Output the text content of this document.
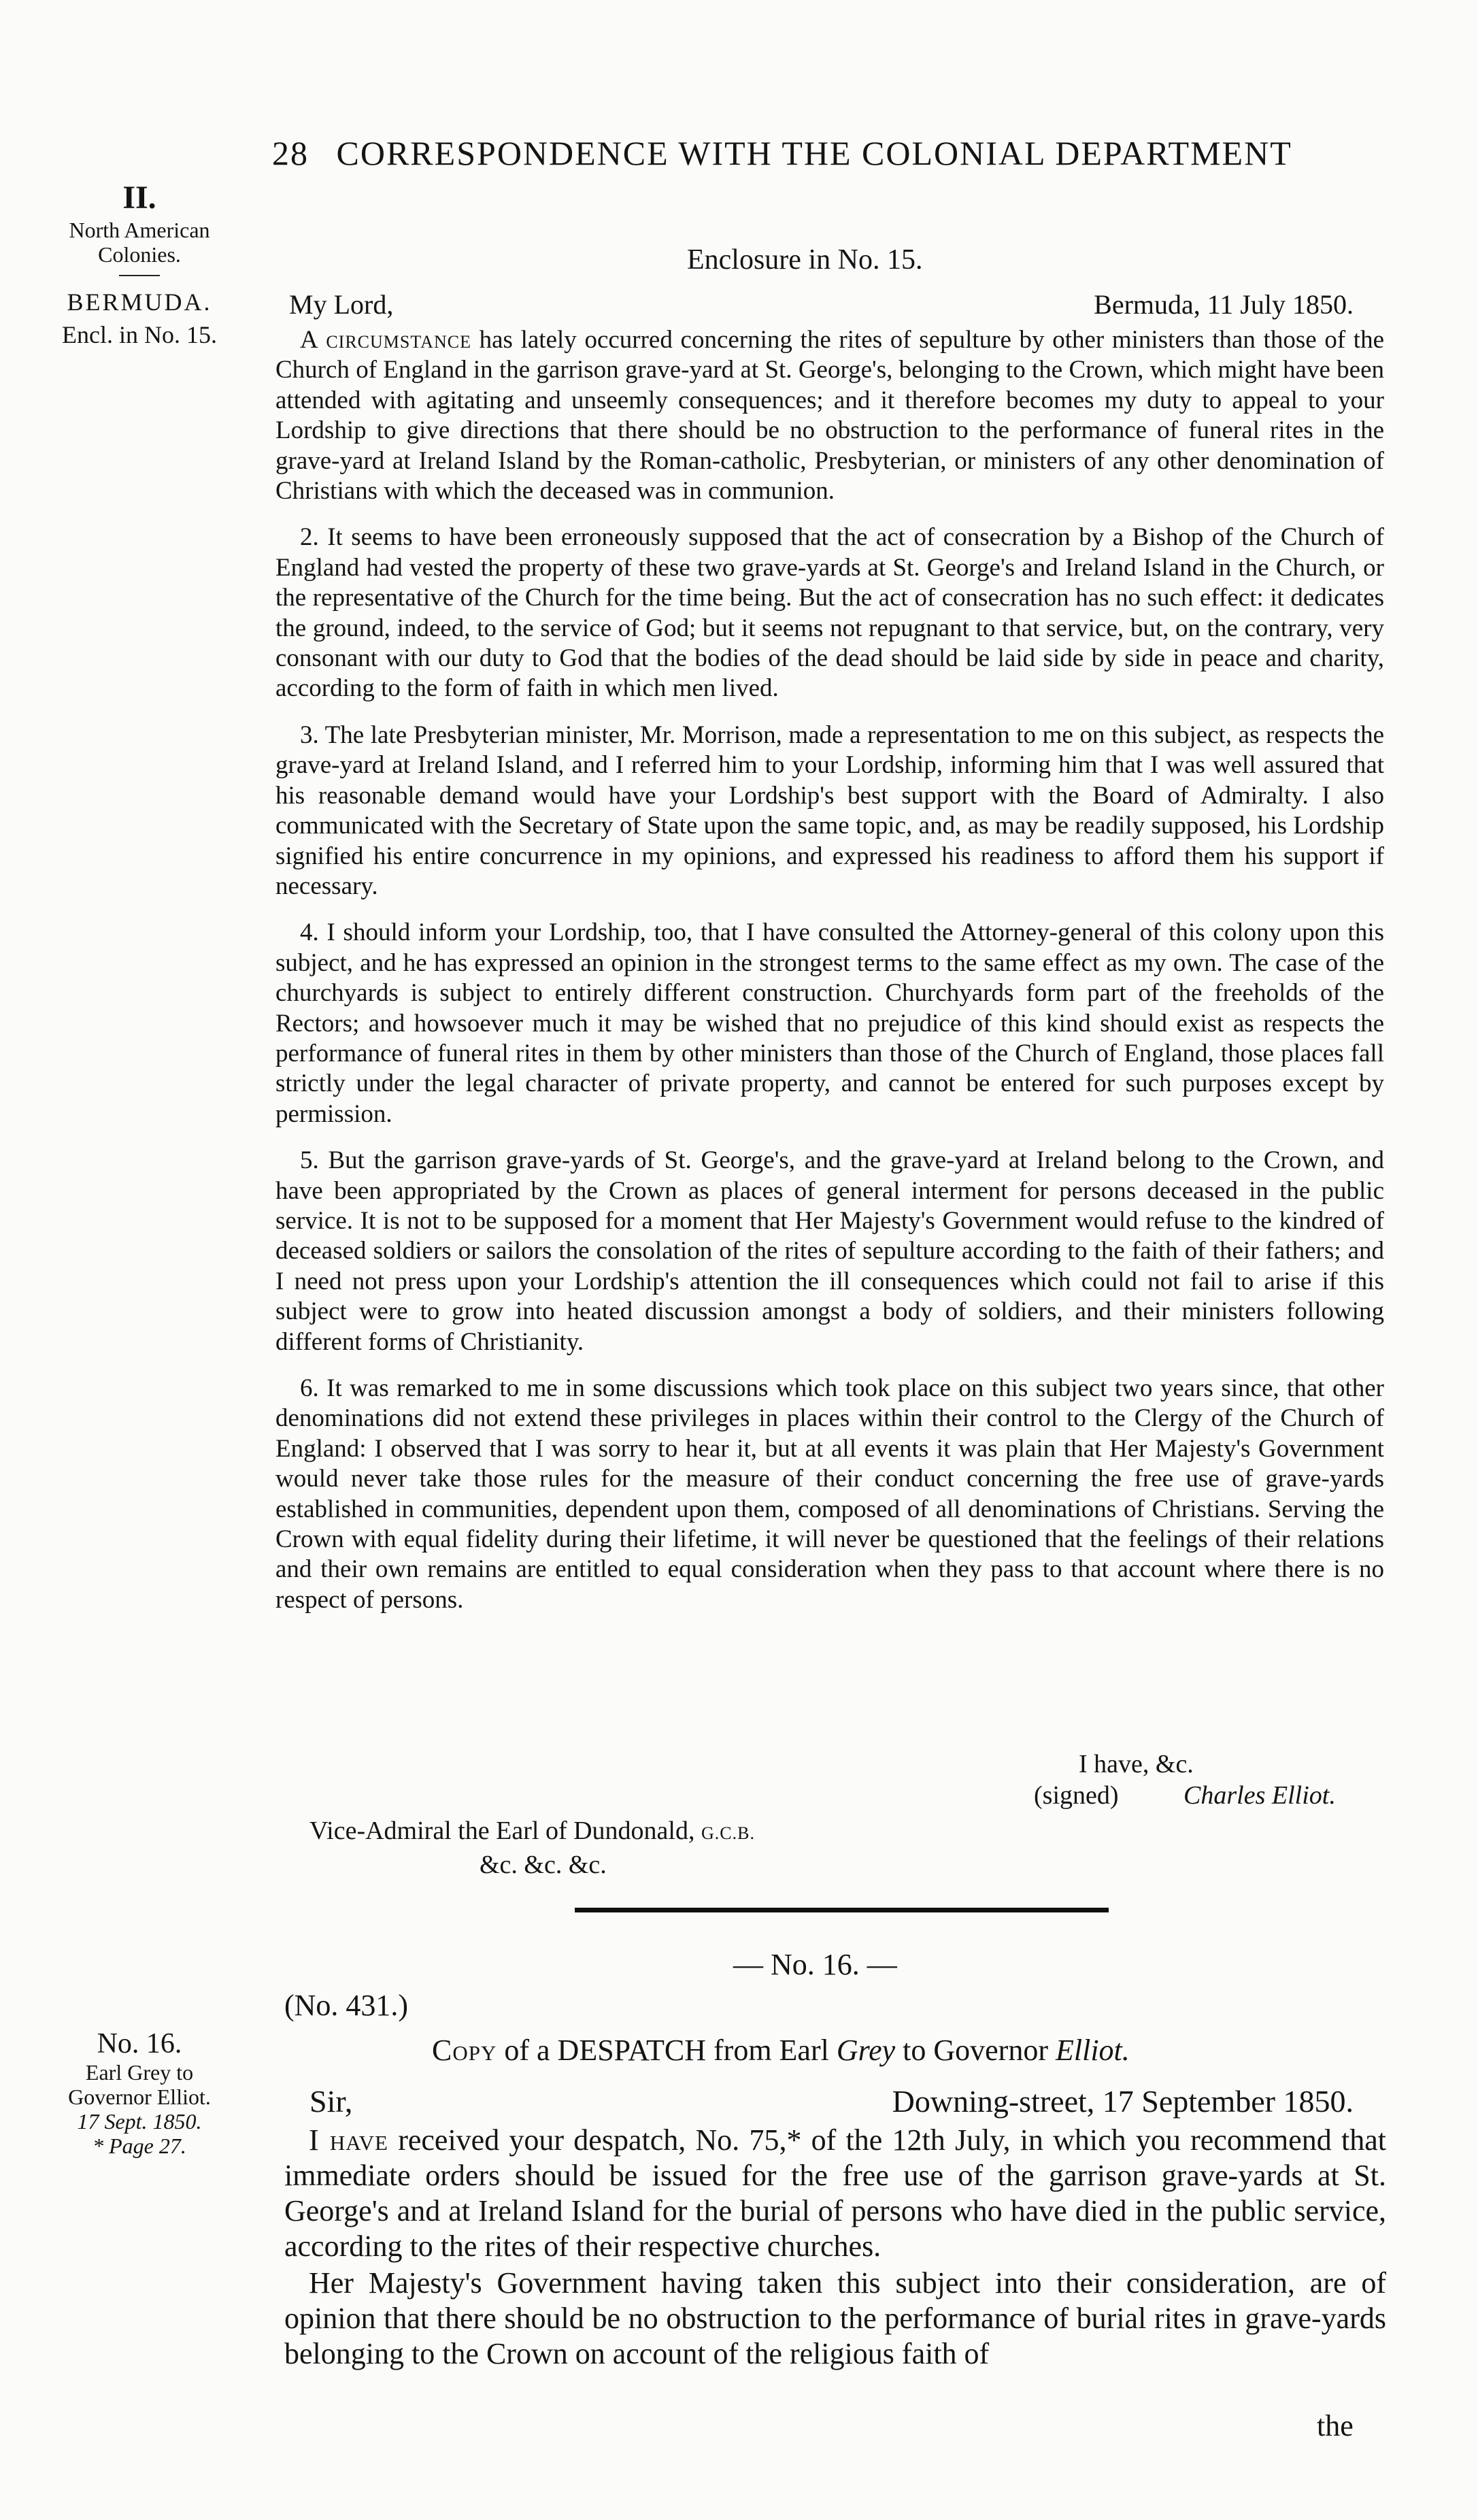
28 CORRESPONDENCE WITH THE COLONIAL DEPARTMENT
II.
North American
Colonies.
BERMUDA.
Encl. in No. 15.
Enclosure in No. 15.
My Lord,	Bermuda, 11 July 1850.

A circumstance has lately occurred concerning the rites of sepulture by other ministers than those of the Church of England in the garrison grave-yard at St. George's, belonging to the Crown, which might have been attended with agitating and unseemly consequences; and it therefore becomes my duty to appeal to your Lordship to give directions that there should be no obstruction to the performance of funeral rites in the grave-yard at Ireland Island by the Roman-catholic, Presbyterian, or ministers of any other denomination of Christians with which the deceased was in communion.

2. It seems to have been erroneously supposed that the act of consecration by a Bishop of the Church of England had vested the property of these two grave-yards at St. George's and Ireland Island in the Church, or the representative of the Church for the time being. But the act of consecration has no such effect: it dedicates the ground, indeed, to the service of God; but it seems not repugnant to that service, but, on the contrary, very consonant with our duty to God that the bodies of the dead should be laid side by side in peace and charity, according to the form of faith in which men lived.

3. The late Presbyterian minister, Mr. Morrison, made a representation to me on this subject, as respects the grave-yard at Ireland Island, and I referred him to your Lordship, informing him that I was well assured that his reasonable demand would have your Lordship's best support with the Board of Admiralty. I also communicated with the Secretary of State upon the same topic, and, as may be readily supposed, his Lordship signified his entire concurrence in my opinions, and expressed his readiness to afford them his support if necessary.

4. I should inform your Lordship, too, that I have consulted the Attorney-general of this colony upon this subject, and he has expressed an opinion in the strongest terms to the same effect as my own. The case of the churchyards is subject to entirely different construction. Churchyards form part of the freeholds of the Rectors; and howsoever much it may be wished that no prejudice of this kind should exist as respects the performance of funeral rites in them by other ministers than those of the Church of England, those places fall strictly under the legal character of private property, and cannot be entered for such purposes except by permission.

5. But the garrison grave-yards of St. George's, and the grave-yard at Ireland belong to the Crown, and have been appropriated by the Crown as places of general interment for persons deceased in the public service. It is not to be supposed for a moment that Her Majesty's Government would refuse to the kindred of deceased soldiers or sailors the consolation of the rites of sepulture according to the faith of their fathers; and I need not press upon your Lordship's attention the ill consequences which could not fail to arise if this subject were to grow into heated discussion amongst a body of soldiers, and their ministers following different forms of Christianity.

6. It was remarked to me in some discussions which took place on this subject two years since, that other denominations did not extend these privileges in places within their control to the Clergy of the Church of England: I observed that I was sorry to hear it, but at all events it was plain that Her Majesty's Government would never take those rules for the measure of their conduct concerning the free use of grave-yards established in communities, dependent upon them, composed of all denominations of Christians. Serving the Crown with equal fidelity during their lifetime, it will never be questioned that the feelings of their relations and their own remains are entitled to equal consideration when they pass to that account where there is no respect of persons.

I have, &c.
(signed)	Charles Elliot.
Vice-Admiral the Earl of Dundonald, G.C.B.
&c. &c. &c.
— No. 16. —
(No. 431.)
No. 16.
Earl Grey to
Governor Elliot.
17 Sept. 1850.
* Page 27.
Copy of a DESPATCH from Earl Grey to Governor Elliot.
Sir,	Downing-street, 17 September 1850.

I have received your despatch, No. 75,* of the 12th July, in which you recommend that immediate orders should be issued for the free use of the garrison grave-yards at St. George's and at Ireland Island for the burial of persons who have died in the public service, according to the rites of their respective churches.

Her Majesty's Government having taken this subject into their consideration, are of opinion that there should be no obstruction to the performance of burial rites in grave-yards belonging to the Crown on account of the religious faith of

the
